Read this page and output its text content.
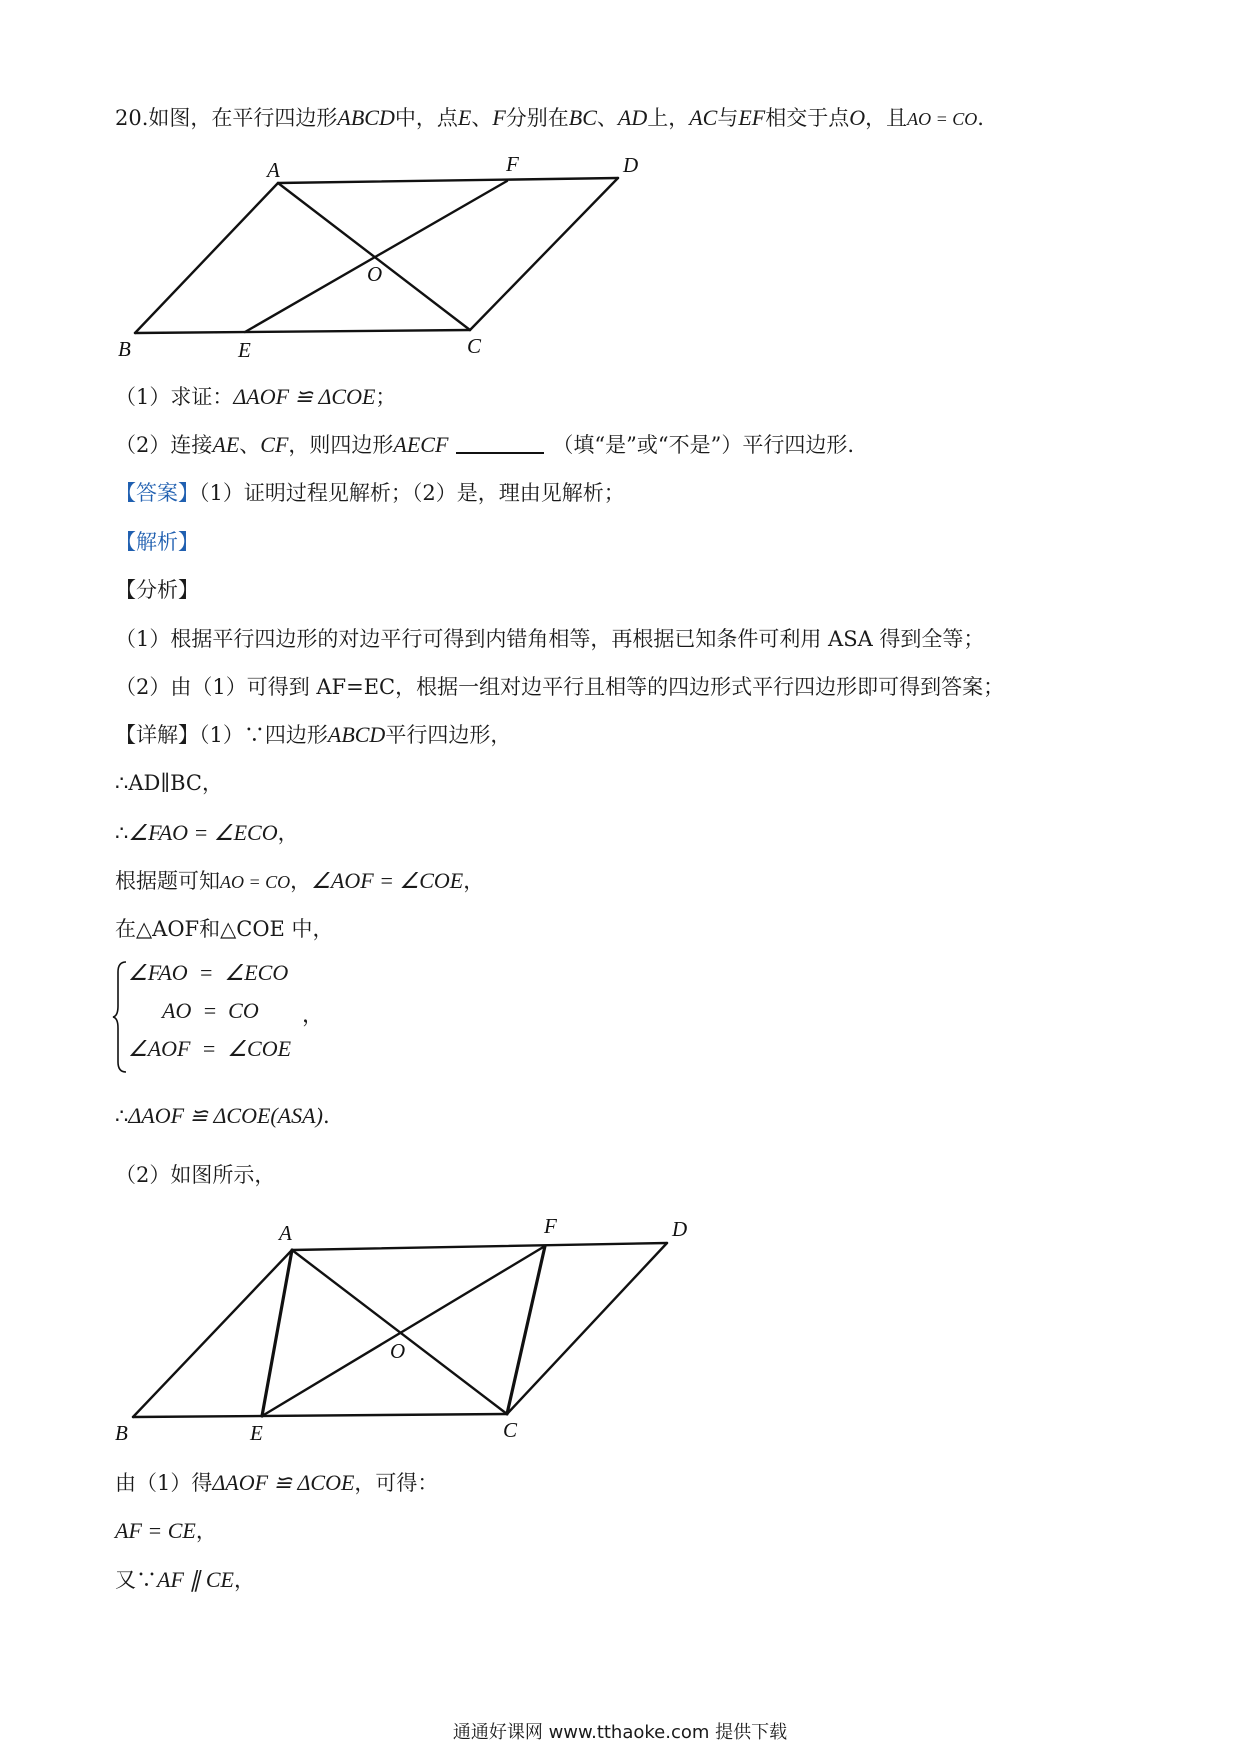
20.如图，在平行四边形ABCD中，点E、F分别在BC、AD上，AC与EF相交于点O，且AO = CO.
A	F	D
O
B	E	C
A	F	D
O
B	E	C
（1）求证：ΔAOF ≌ ΔCOE；
（2）连接AE、CF，则四边形AECF	（填“是”或“不是”）平行四边形.
【答案】（1）证明过程见解析；（2）是，理由见解析；
【解析】
【分析】
（1）根据平行四边形的对边平行可得到内错角相等，再根据已知条件可利用 ASA 得到全等；
（2）由（1）可得到 AF=EC，根据一组对边平行且相等的四边形式平行四边形即可得到答案；
【详解】（1）∵四边形ABCD平行四边形，
∴AD∥BC，
∴∠FAO = ∠ECO，
根据题可知AO = CO，∠AOF = ∠COE，
在△AOF和△COE 中，
∠FAO  =  ∠ECO
AO  =  CO
∠AOF  =  ∠COE
，
∴ΔAOF ≌ ΔCOE(ASA).
（2）如图所示，
由（1）得ΔAOF ≌ ΔCOE，可得：
AF = CE，
又∵AF ∥ CE，
通通好课网 www.tthaoke.com 提供下载
